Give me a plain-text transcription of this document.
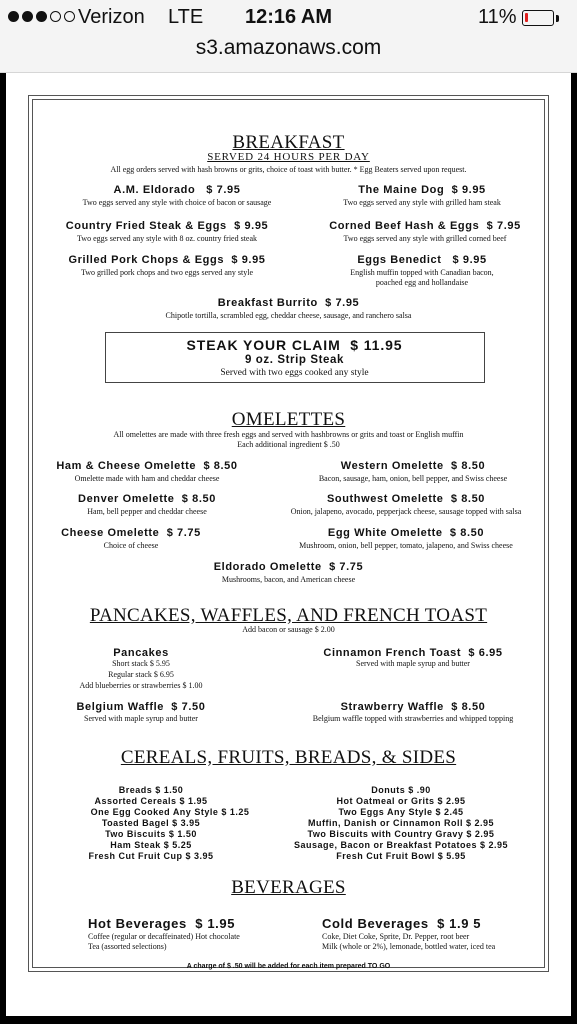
Verizon LTE	12:16 AM	11%
s3.amazonaws.com
BREAKFAST
SERVED 24 HOURS PER DAY
All egg orders served with hash browns or grits, choice of toast with butter. * Egg Beaters served upon request.
A.M. Eldorado $ 7.95
Two eggs served any style with choice of bacon or sausage
The Maine Dog $ 9.95
Two eggs served any style with grilled ham steak
Country Fried Steak & Eggs $ 9.95
Two eggs served any style with 8 oz. country fried steak
Corned Beef Hash & Eggs $ 7.95
Two eggs served any style with grilled corned beef
Grilled Pork Chops & Eggs $ 9.95
Two grilled pork chops and two eggs served any style
Eggs Benedict $ 9.95
English muffin topped with Canadian bacon,
poached egg and hollandaise
Breakfast Burrito $ 7.95
Chipotle tortilla, scrambled egg, cheddar cheese, sausage, and ranchero salsa
STEAK YOUR CLAIM $ 11.95
9 oz. Strip Steak
Served with two eggs cooked any style
OMELETTES
All omelettes are made with three fresh eggs and served with hashbrowns or grits and toast or English muffin
Each additional ingredient $ .50
Ham & Cheese Omelette $ 8.50
Omelette made with ham and cheddar cheese
Western Omelette $ 8.50
Bacon, sausage, ham, onion, bell pepper, and Swiss cheese
Denver Omelette $ 8.50
Ham, bell pepper and cheddar cheese
Southwest Omelette $ 8.50
Onion, jalapeno, avocado, pepperjack cheese, sausage topped with salsa
Cheese Omelette $ 7.75
Choice of cheese
Egg White Omelette $ 8.50
Mushroom, onion, bell pepper, tomato, jalapeno, and Swiss cheese
Eldorado Omelette $ 7.75
Mushrooms, bacon, and American cheese
PANCAKES, WAFFLES, AND FRENCH TOAST
Add bacon or sausage $ 2.00
Pancakes
Short stack $ 5.95
Regular stack $ 6.95
Add blueberries or strawberries $ 1.00
Cinnamon French Toast $ 6.95
Served with maple syrup and butter
Belgium Waffle $ 7.50
Served with maple syrup and butter
Strawberry Waffle $ 8.50
Belgium waffle topped with strawberries and whipped topping
CEREALS, FRUITS, BREADS, & SIDES
Breads $ 1.50
Assorted Cereals $ 1.95
One Egg Cooked Any Style $ 1.25
Toasted Bagel $ 3.95
Two Biscuits $ 1.50
Ham Steak $ 5.25
Fresh Cut Fruit Cup $ 3.95
Donuts $ .90
Hot Oatmeal or Grits $ 2.95
Two Eggs Any Style $ 2.45
Muffin, Danish or Cinnamon Roll $ 2.95
Two Biscuits with Country Gravy $ 2.95
Sausage, Bacon or Breakfast Potatoes $ 2.95
Fresh Cut Fruit Bowl $ 5.95
BEVERAGES
Hot Beverages $ 1.95
Coffee (regular or decaffeinated) Hot chocolate
Tea (assorted selections)
Cold Beverages $ 1.9 5
Coke, Diet Coke, Sprite, Dr. Pepper, root beer
Milk (whole or 2%), lemonade, bottled water, iced tea
A charge of $ .50 will be added for each item prepared TO GO
